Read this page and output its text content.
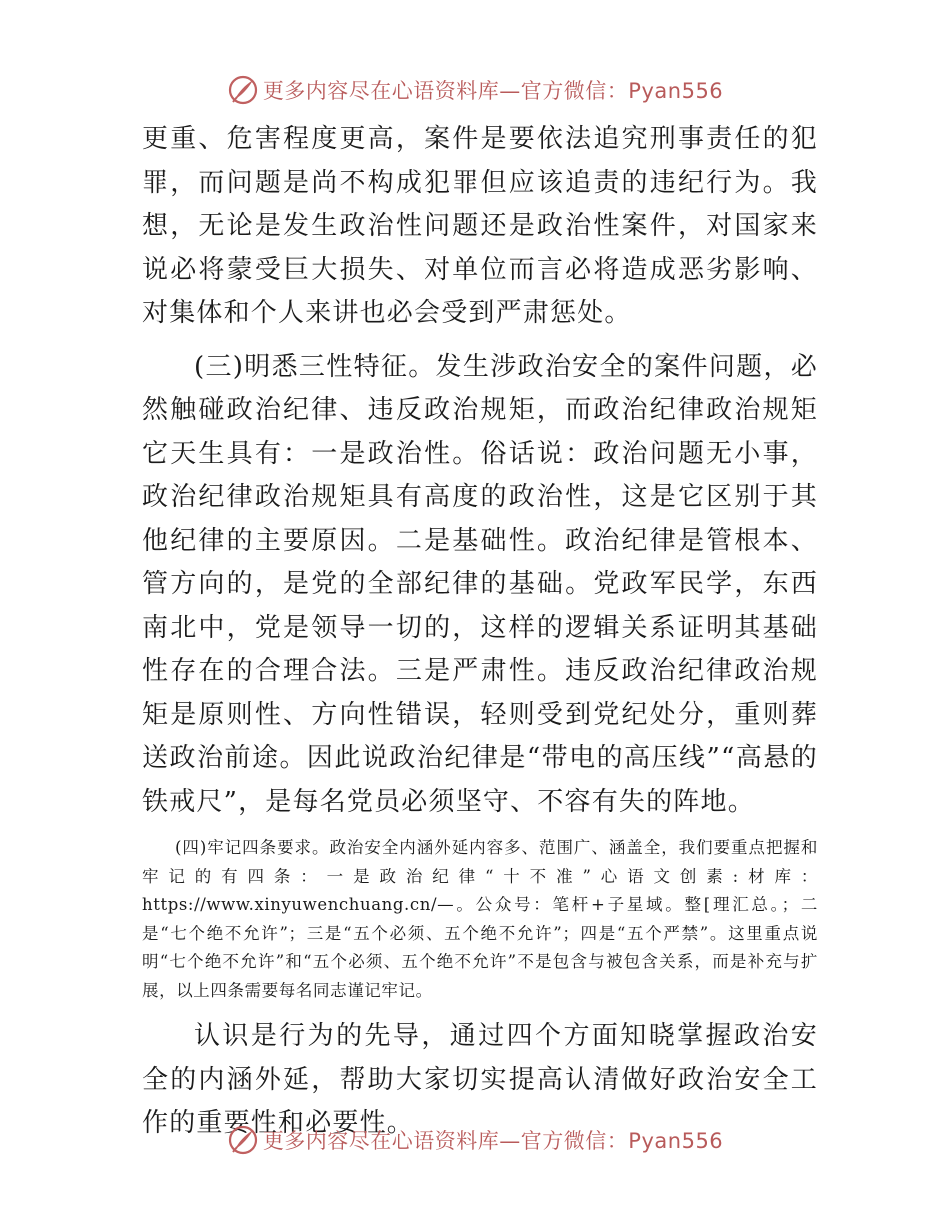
更多内容尽在心语资料库—官方微信：Pyan556

更重、危害程度更高，案件是要依法追究刑事责任的犯罪，而问题是尚不构成犯罪但应该追责的违纪行为。我想，无论是发生政治性问题还是政治性案件，对国家来说必将蒙受巨大损失、对单位而言必将造成恶劣影响、对集体和个人来讲也必会受到严肃惩处。

(三)明悉三性特征。发生涉政治安全的案件问题，必然触碰政治纪律、违反政治规矩，而政治纪律政治规矩它天生具有：一是政治性。俗话说：政治问题无小事，政治纪律政治规矩具有高度的政治性，这是它区别于其他纪律的主要原因。二是基础性。政治纪律是管根本、管方向的，是党的全部纪律的基础。党政军民学，东西南北中，党是领导一切的，这样的逻辑关系证明其基础性存在的合理合法。三是严肃性。违反政治纪律政治规矩是原则性、方向性错误，轻则受到党纪处分，重则葬送政治前途。因此说政治纪律是“带电的高压线”“高悬的铁戒尺”，是每名党员必须坚守、不容有失的阵地。

(四)牢记四条要求。政治安全内涵外延内容多、范围广、涵盖全，我们要重点把握和牢记的有四条：一是政治纪律“十不准”心语文创素:材库：https://www.xinyuwenchuang.cn/—。公众号：笔杆+子星域。整[理汇总。；二是“七个绝不允许”；三是“五个必须、五个绝不允许”；四是“五个严禁”。这里重点说明“七个绝不允许”和“五个必须、五个绝不允许”不是包含与被包含关系，而是补充与扩展，以上四条需要每名同志谨记牢记。

认识是行为的先导，通过四个方面知晓掌握政治安全的内涵外延，帮助大家切实提高认清做好政治安全工作的重要性和必要性。

更多内容尽在心语资料库—官方微信：Pyan556
